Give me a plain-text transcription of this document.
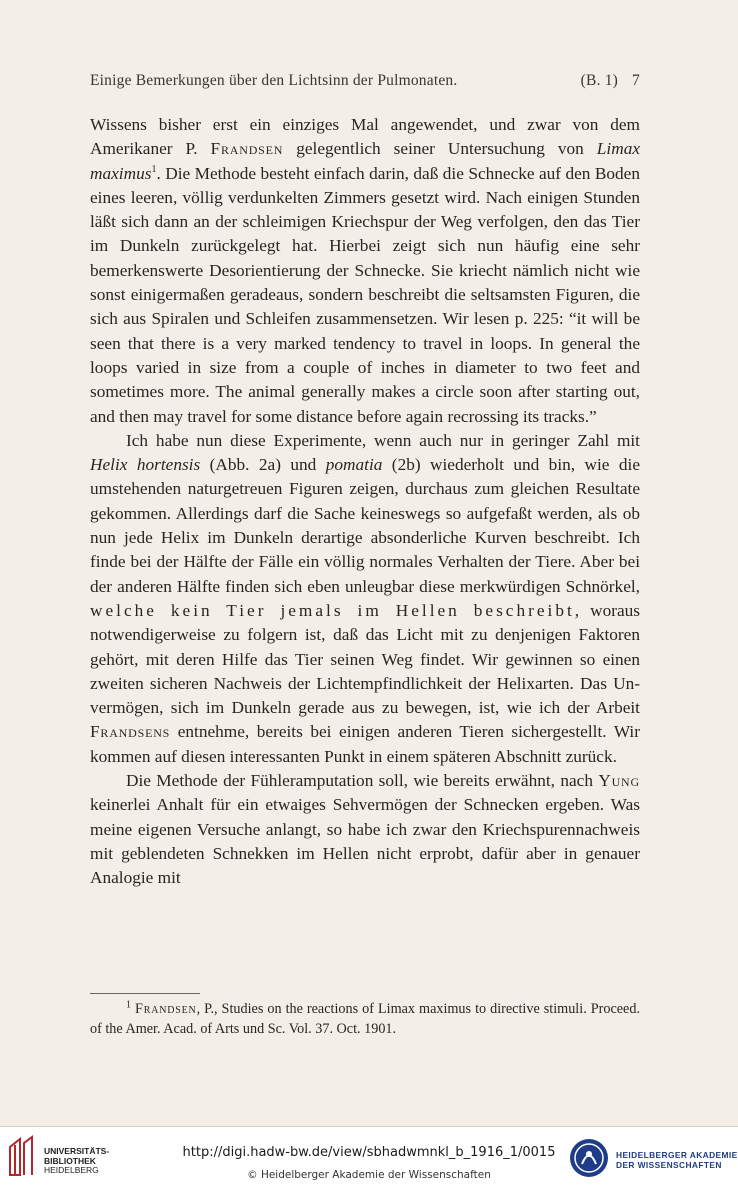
Einige Bemerkungen über den Lichtsinn der Pulmonaten.	(B. 1) 7

Wissens bisher erst ein einziges Mal angewendet, und zwar von dem Amerikaner P. Frandsen gelegentlich seiner Untersuchung von Limax maximus$^1$. Die Methode besteht einfach darin, daß die Schnecke auf den Boden eines leeren, völlig verdunkelten Zimmers gesetzt wird. Nach einigen Stunden läßt sich dann an der schleimigen Kriechspur der Weg verfolgen, den das Tier im Dunkeln zurückgelegt hat. Hierbei zeigt sich nun häufig eine sehr bemerkenswerte Desorientierung der Schnecke. Sie kriecht nämlich nicht wie sonst einigermaßen geradeaus, sondern beschreibt die seltsamsten Figuren, die sich aus Spiralen und Schleifen zusammensetzen. Wir lesen p. 225: “it will be seen that there is a very marked tendency to travel in loops. In general the loops varied in size from a couple of inches in diameter to two feet and sometimes more. The animal generally makes a circle soon after starting out, and then may travel for some distance before again recrossing its tracks.”

Ich habe nun diese Experimente, wenn auch nur in geringer Zahl mit Helix hortensis (Abb. 2a) und pomatia (2b) wiederholt und bin, wie die umstehenden naturgetreuen Figuren zeigen, durchaus zum gleichen Resultate gekommen. Allerdings darf die Sache keineswegs so aufgefaßt werden, als ob nun jede Helix im Dunkeln derartige absonderliche Kurven beschreibt. Ich finde bei der Hälfte der Fälle ein völlig normales Verhalten der Tiere. Aber bei der anderen Hälfte finden sich eben unleugbar diese merkwürdigen Schnörkel, welche kein Tier jemals im Hellen beschreibt, woraus notwendigerweise zu folgern ist, daß das Licht mit zu denjenigen Faktoren gehört, mit deren Hilfe das Tier seinen Weg findet. Wir gewinnen so einen zweiten sicheren Nachweis der Lichtempfindlichkeit der Helixarten. Das Unvermögen, sich im Dunkeln gerade aus zu bewegen, ist, wie ich der Arbeit Frandsens entnehme, bereits bei einigen anderen Tieren sichergestellt. Wir kommen auf diesen interessanten Punkt in einem späteren Abschnitt zurück.

Die Methode der Fühleramputation soll, wie bereits erwähnt, nach Yung keinerlei Anhalt für ein etwaiges Sehvermögen der Schnecken ergeben. Was meine eigenen Versuche anlangt, so habe ich zwar den Kriechspurennachweis mit geblendeten Schnekken im Hellen nicht erprobt, dafür aber in genauer Analogie mit

$^1$ Frandsen, P., Studies on the reactions of Limax maximus to directive stimuli. Proceed. of the Amer. Acad. of Arts und Sc. Vol. 37. Oct. 1901.

UNIVERSITÄTS-
BIBLIOTHEK
HEIDELBERG
http://digi.hadw-bw.de/view/sbhadwmnkl_b_1916_1/0015
© Heidelberger Akademie der Wissenschaften
HEIDELBERGER AKADEMIE
DER WISSENSCHAFTEN
